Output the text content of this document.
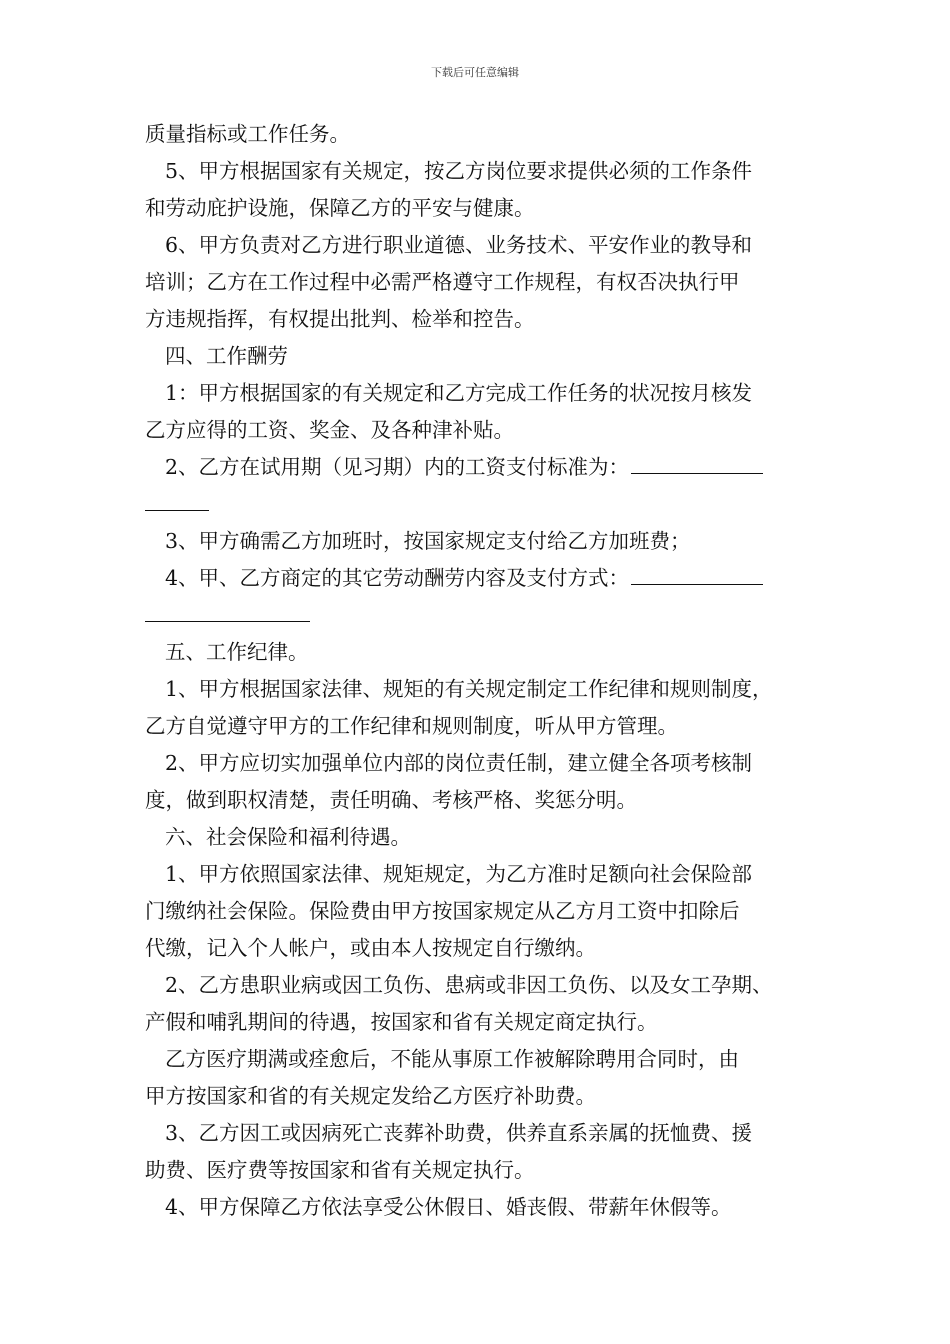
下载后可任意编辑
质量指标或工作任务。
5、甲方根据国家有关规定，按乙方岗位要求提供必须的工作条件
和劳动庇护设施，保障乙方的平安与健康。
6、甲方负责对乙方进行职业道德、业务技术、平安作业的教导和
培训；乙方在工作过程中必需严格遵守工作规程，有权否决执行甲
方违规指挥，有权提出批判、检举和控告。
四、工作酬劳
1：甲方根据国家的有关规定和乙方完成工作任务的状况按月核发
乙方应得的工资、奖金、及各种津补贴。
2、乙方在试用期（见习期）内的工资支付标准为：
3、甲方确需乙方加班时，按国家规定支付给乙方加班费；
4、甲、乙方商定的其它劳动酬劳内容及支付方式：
五、工作纪律。
1、甲方根据国家法律、规矩的有关规定制定工作纪律和规则制度，
乙方自觉遵守甲方的工作纪律和规则制度，听从甲方管理。
2、甲方应切实加强单位内部的岗位责任制，建立健全各项考核制
度，做到职权清楚，责任明确、考核严格、奖惩分明。
六、社会保险和福利待遇。
1、甲方依照国家法律、规矩规定，为乙方准时足额向社会保险部
门缴纳社会保险。保险费由甲方按国家规定从乙方月工资中扣除后
代缴，记入个人帐户，或由本人按规定自行缴纳。
2、乙方患职业病或因工负伤、患病或非因工负伤、以及女工孕期、
产假和哺乳期间的待遇，按国家和省有关规定商定执行。
乙方医疗期满或痊愈后，不能从事原工作被解除聘用合同时，由
甲方按国家和省的有关规定发给乙方医疗补助费。
3、乙方因工或因病死亡丧葬补助费，供养直系亲属的抚恤费、援
助费、医疗费等按国家和省有关规定执行。
4、甲方保障乙方依法享受公休假日、婚丧假、带薪年休假等。
